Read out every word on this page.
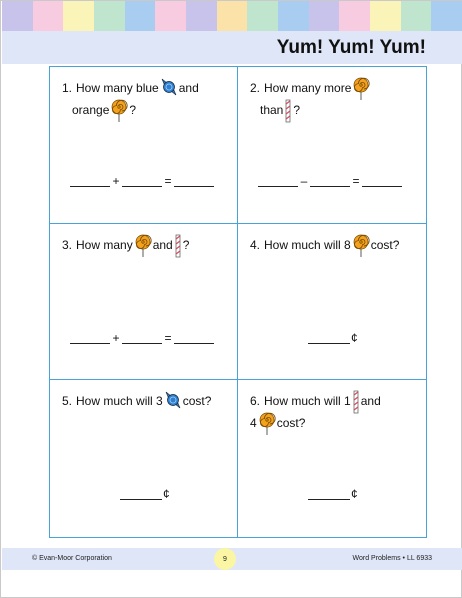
Yum! Yum! Yum!
1. How many blue and
orange ?
+	=
2. How many more
than ?
–	=
3. How many and ?
+	=
4. How much will 8 cost?
¢
5. How much will 3 cost?
¢
6. How much will 1 and
4 cost?
¢
© Evan-Moor Corporation	9	Word Problems • LL 6933
